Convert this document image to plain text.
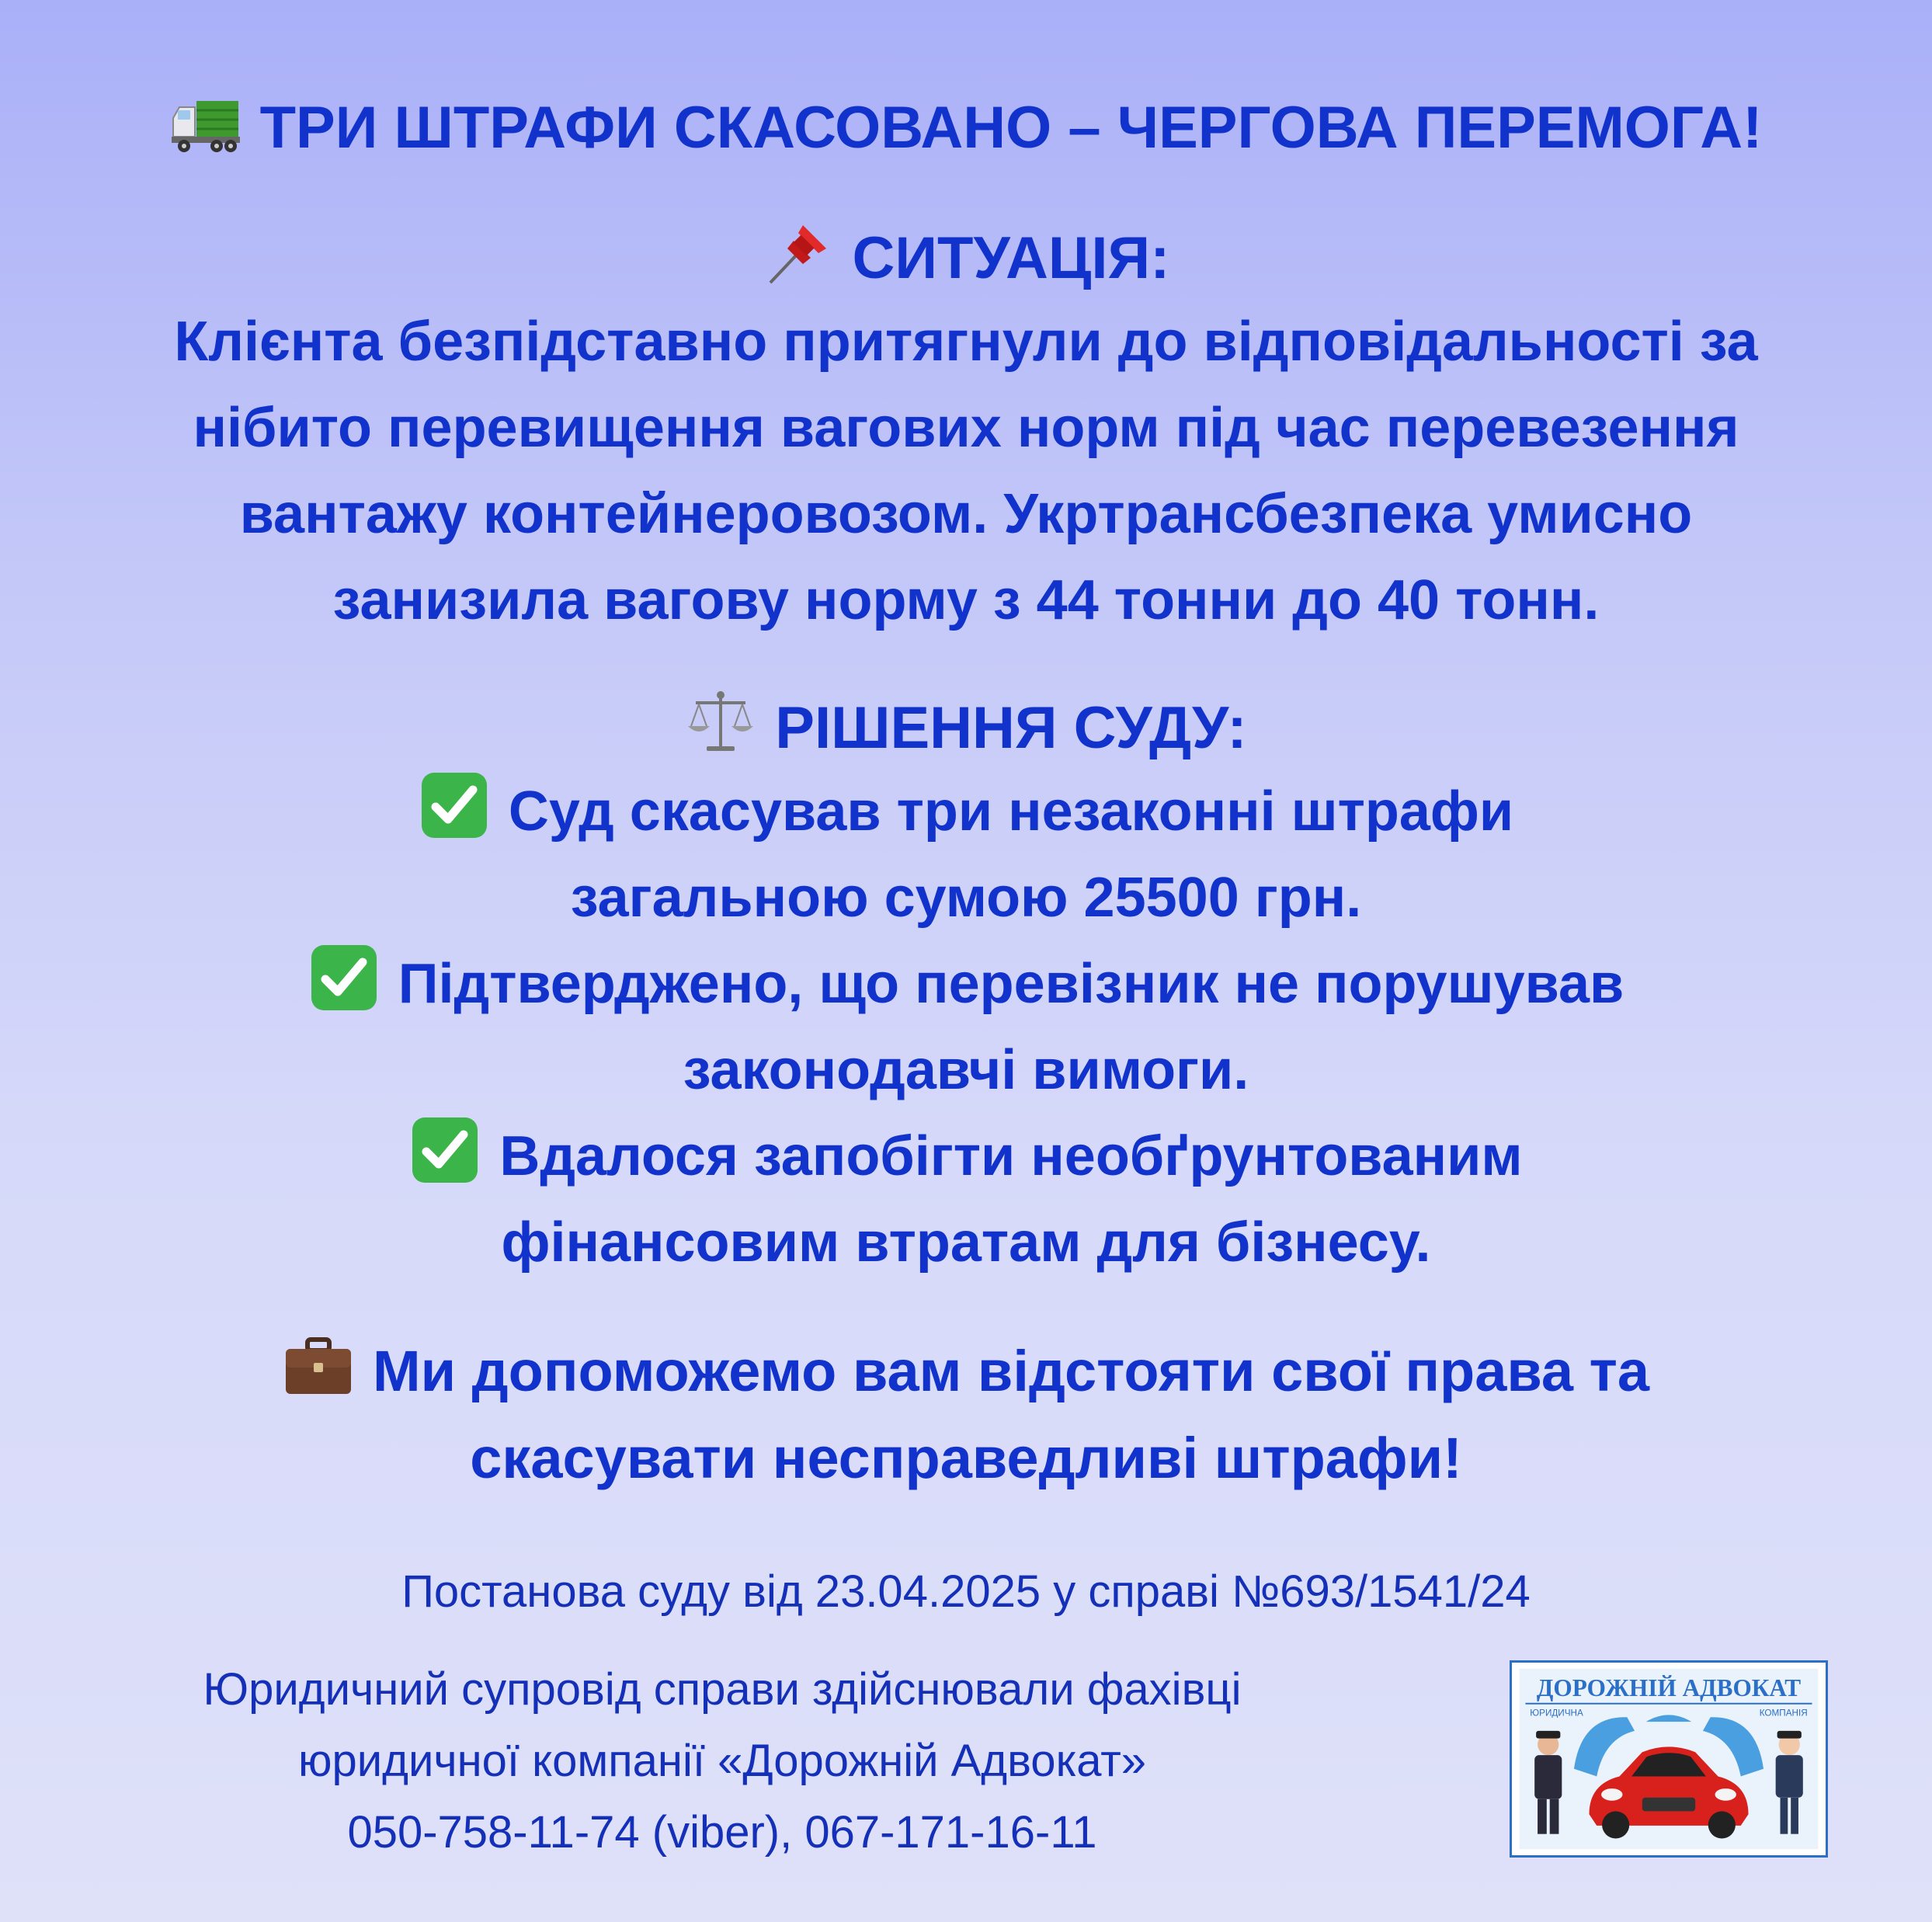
ТРИ ШТРАФИ СКАСОВАНО – ЧЕРГОВА ПЕРЕМОГА!
СИТУАЦІЯ:
Клієнта безпідставно притягнули до відповідальності за
нібито перевищення вагових норм під час перевезення
вантажу контейнеровозом. Укртрансбезпека умисно
занизила вагову норму з 44 тонни до 40 тонн.
РІШЕННЯ СУДУ:
Суд скасував три незаконні штрафи
загальною сумою 25500 грн.
Підтверджено, що перевізник не порушував
законодавчі вимоги.
Вдалося запобігти необґрунтованим
фінансовим втратам для бізнесу.
Ми допоможемо вам відстояти свої права та
скасувати несправедливі штрафи!
Постанова суду від 23.04.2025 у справі №693/1541/24
Юридичний супровід справи здійснювали фахівці
юридичної компанії «Дорожній Адвокат»
050-758-11-74 (viber), 067-171-16-11
ДОРОЖНІЙ АДВОКАТ
ЮРИДИЧНА	КОМПАНІЯ
